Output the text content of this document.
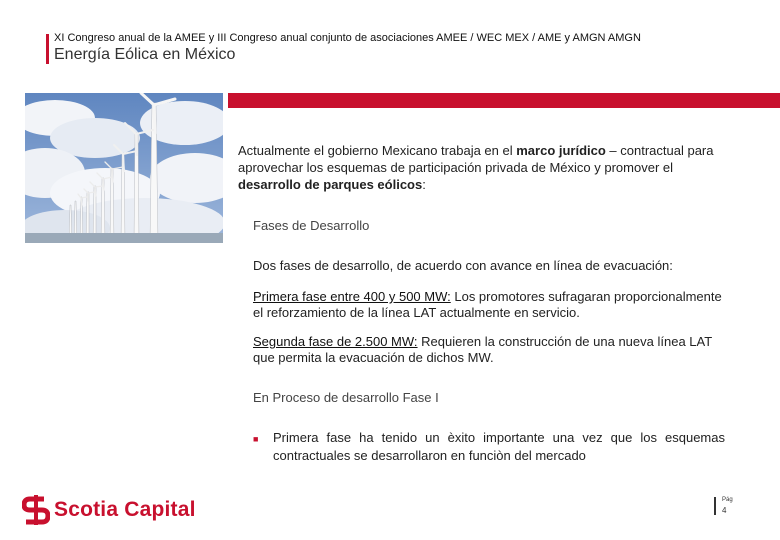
XI Congreso anual de la AMEE y III Congreso anual conjunto de asociaciones AMEE / WEC MEX / AME y AMGN AMGN
Energía Eólica en México
Actualmente el gobierno Mexicano trabaja en el marco jurídico – contractual para aprovechar los esquemas de participación privada de México y promover el desarrollo de parques eólicos:
Fases de Desarrollo
Dos fases de desarrollo, de acuerdo con avance en línea de evacuación:
Primera fase entre 400 y 500 MW: Los promotores sufragaran proporcionalmente el reforzamiento de la línea LAT actualmente en servicio.
Segunda fase de 2.500 MW: Requieren la construcción de una nueva línea LAT que permita la evacuación de dichos MW.
En Proceso de desarrollo Fase I
■ Primera fase ha tenido un èxito importante una vez que los esquemas contractuales se desarrollaron en funciòn del mercado
Scotia Capital	Pág
4
